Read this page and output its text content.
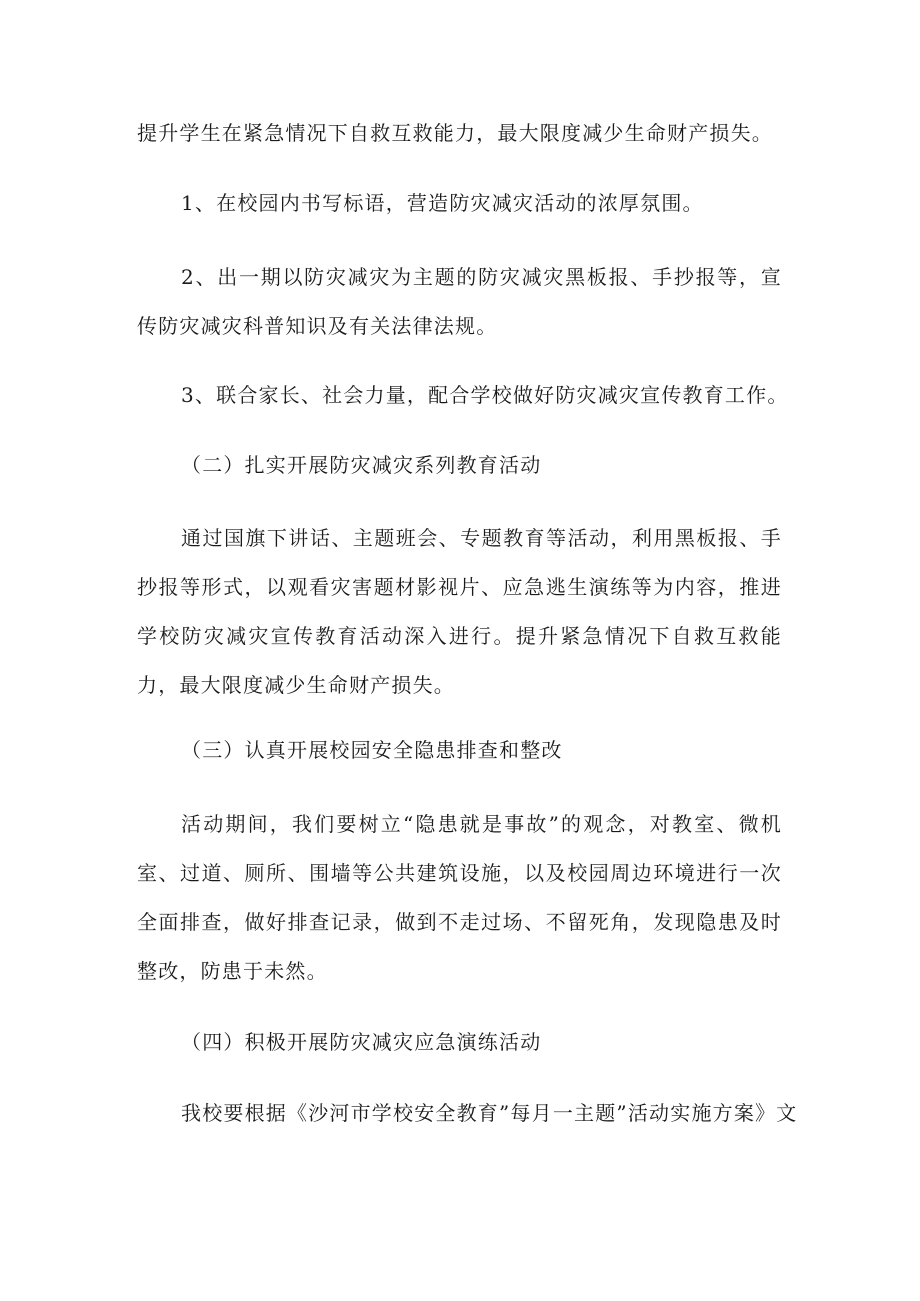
提升学生在紧急情况下自救互救能力，最大限度减少生命财产损失。
1、在校园内书写标语，营造防灾减灾活动的浓厚氛围。
2、出一期以防灾减灾为主题的防灾减灾黑板报、手抄报等，宣传防灾减灾科普知识及有关法律法规。
3、联合家长、社会力量，配合学校做好防灾减灾宣传教育工作。
（二）扎实开展防灾减灾系列教育活动
通过国旗下讲话、主题班会、专题教育等活动，利用黑板报、手抄报等形式，以观看灾害题材影视片、应急逃生演练等为内容，推进学校防灾减灾宣传教育活动深入进行。提升紧急情况下自救互救能力，最大限度减少生命财产损失。
（三）认真开展校园安全隐患排查和整改
活动期间，我们要树立“隐患就是事故”的观念，对教室、微机室、过道、厕所、围墙等公共建筑设施，以及校园周边环境进行一次全面排查，做好排查记录，做到不走过场、不留死角，发现隐患及时整改，防患于未然。
（四）积极开展防灾减灾应急演练活动
我校要根据《沙河市学校安全教育”每月一主题”活动实施方案》文
